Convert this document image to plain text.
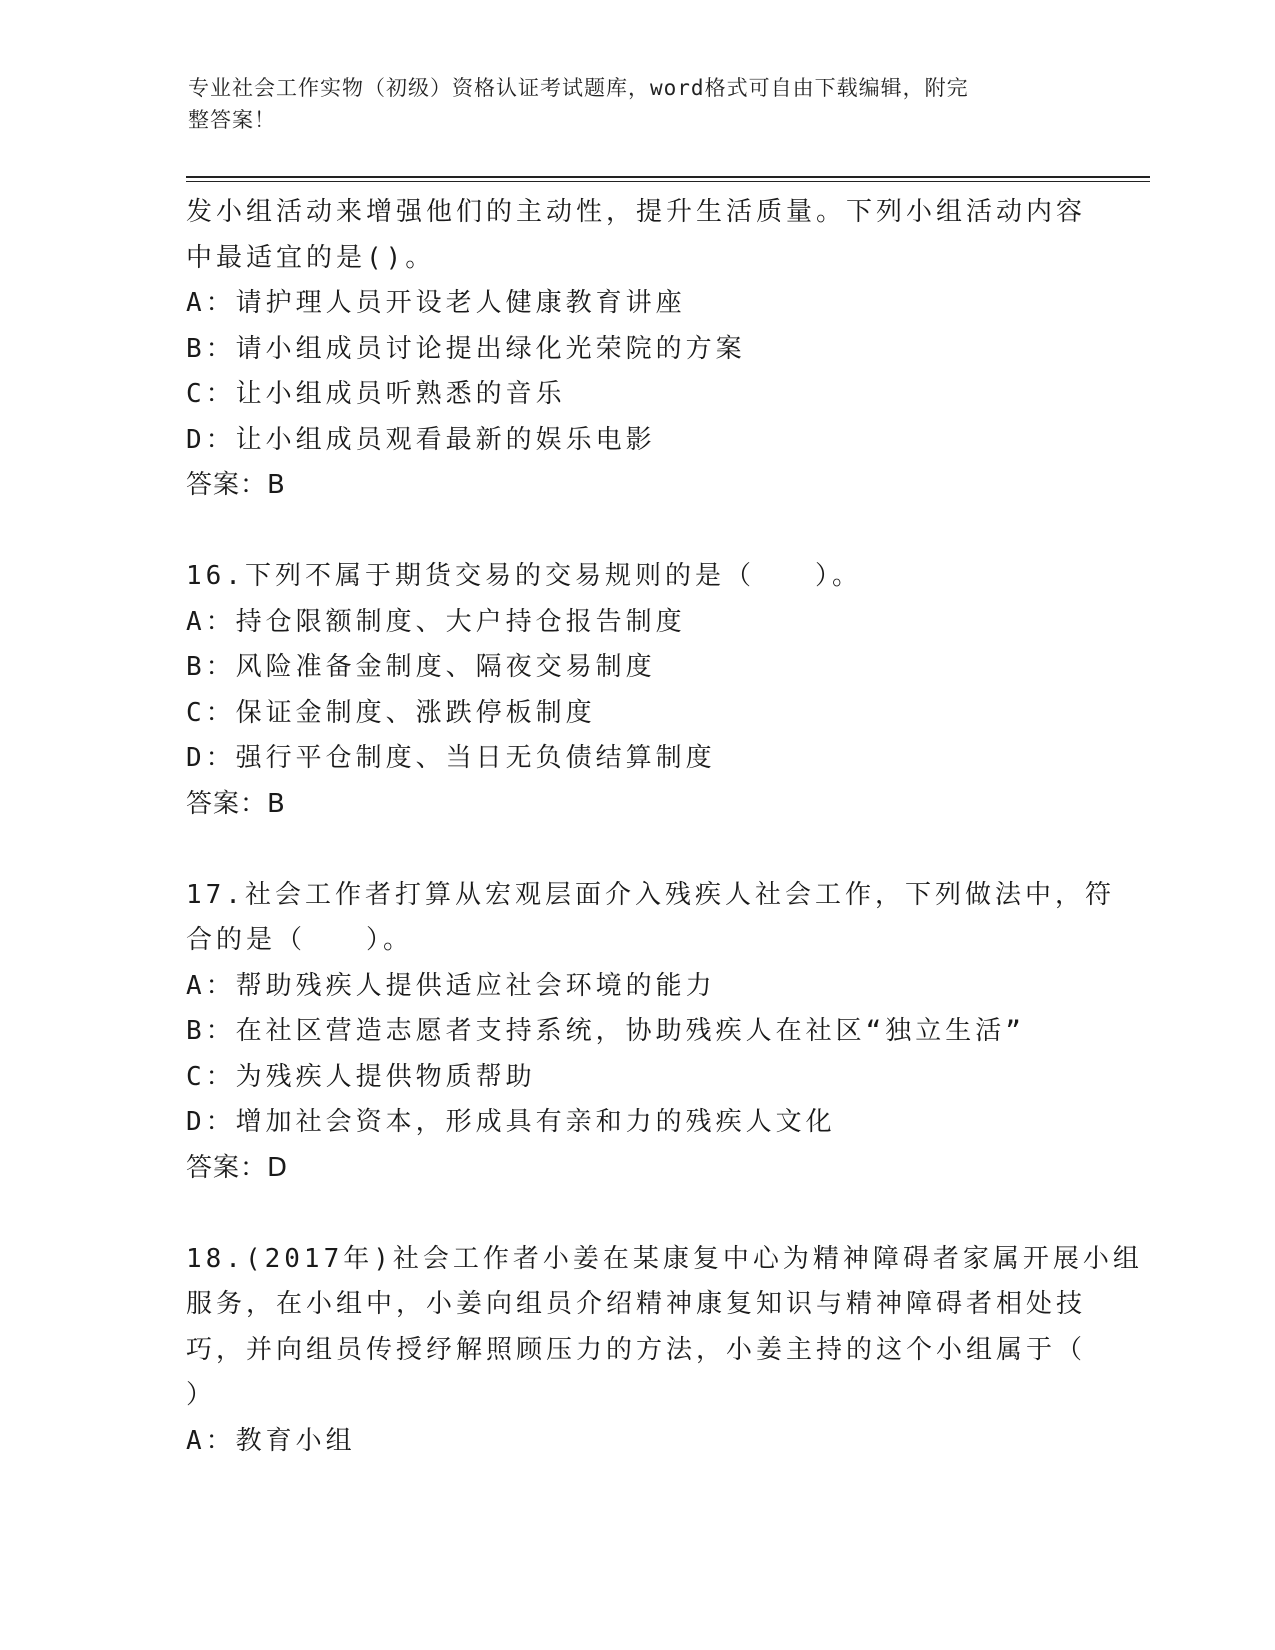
专业社会工作实物（初级）资格认证考试题库，word格式可自由下载编辑，附完
整答案！

发小组活动来增强他们的主动性，提升生活质量。下列小组活动内容

中最适宜的是()。

A：请护理人员开设老人健康教育讲座

B：请小组成员讨论提出绿化光荣院的方案

C：让小组成员听熟悉的音乐

D：让小组成员观看最新的娱乐电影

答案：B

16.下列不属于期货交易的交易规则的是（　　）。

A：持仓限额制度、大户持仓报告制度

B：风险准备金制度、隔夜交易制度

C：保证金制度、涨跌停板制度

D：强行平仓制度、当日无负债结算制度

答案：B

17.社会工作者打算从宏观层面介入残疾人社会工作，下列做法中，符

合的是（　　）。

A：帮助残疾人提供适应社会环境的能力

B：在社区营造志愿者支持系统，协助残疾人在社区“独立生活”

C：为残疾人提供物质帮助

D：增加社会资本，形成具有亲和力的残疾人文化

答案：D

18.(2017年)社会工作者小姜在某康复中心为精神障碍者家属开展小组

服务，在小组中，小姜向组员介绍精神康复知识与精神障碍者相处技

巧，并向组员传授纾解照顾压力的方法，小姜主持的这个小组属于（

）

A：教育小组
